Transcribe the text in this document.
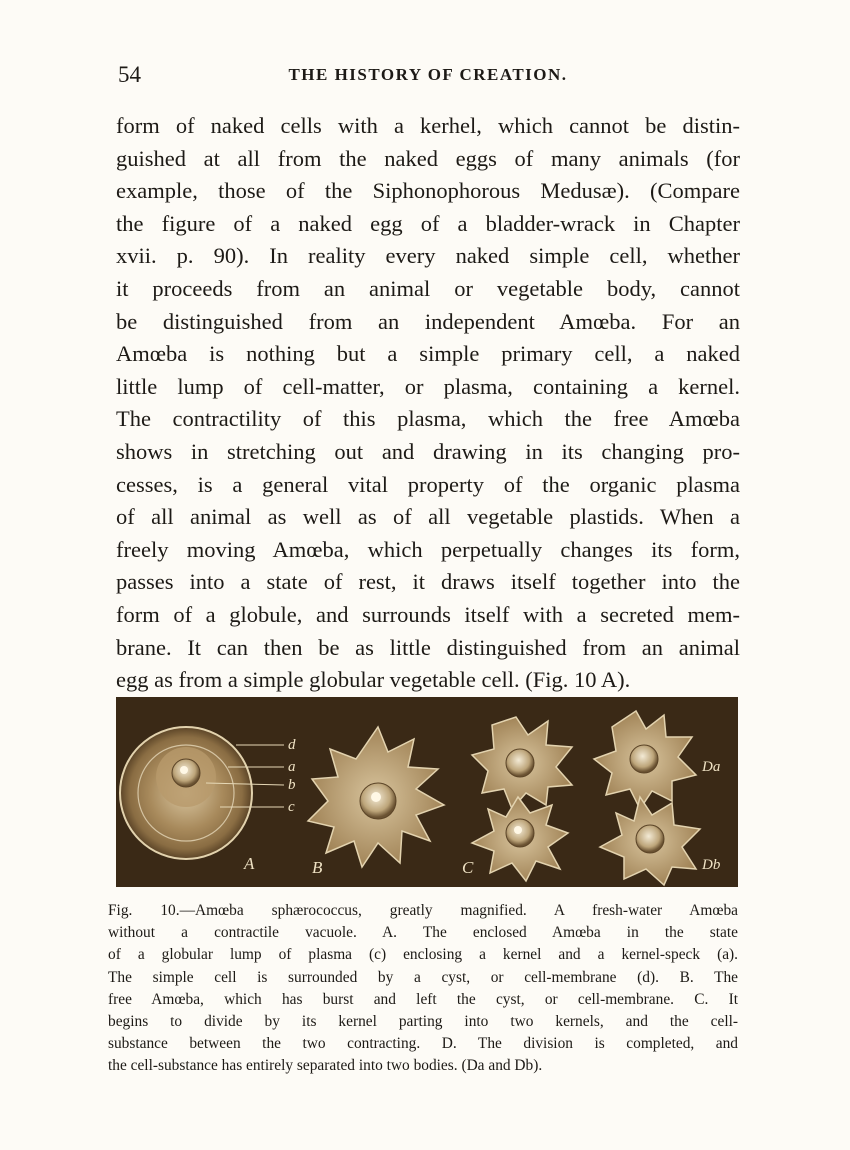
54	THE HISTORY OF CREATION.
form of naked cells with a kerhel, which cannot be distin-
guished at all from the naked eggs of many animals (for
example, those of the Siphonophorous Medusæ). (Compare
the figure of a naked egg of a bladder-wrack in Chapter
xvii. p. 90). In reality every naked simple cell, whether
it proceeds from an animal or vegetable body, cannot
be distinguished from an independent Amœba. For an
Amœba is nothing but a simple primary cell, a naked
little lump of cell-matter, or plasma, containing a kernel.
The contractility of this plasma, which the free Amœba
shows in stretching out and drawing in its changing pro-
cesses, is a general vital property of the organic plasma
of all animal as well as of all vegetable plastids. When a
freely moving Amœba, which perpetually changes its form,
passes into a state of rest, it draws itself together into the
form of a globule, and surrounds itself with a secreted mem-
brane. It can then be as little distinguished from an animal
egg as from a simple globular vegetable cell. (Fig. 10 A).
d
a
b
c
A	B	C
Da
Db
Fig. 10.—Amœba sphærococcus, greatly magnified. A fresh-water Amœba
without a contractile vacuole. A. The enclosed Amœba in the state
of a globular lump of plasma (c) enclosing a kernel and a kernel-speck (a).
The simple cell is surrounded by a cyst, or cell-membrane (d). B. The
free Amœba, which has burst and left the cyst, or cell-membrane. C. It
begins to divide by its kernel parting into two kernels, and the cell-
substance between the two contracting. D. The division is completed, and
the cell-substance has entirely separated into two bodies. (Da and Db).
